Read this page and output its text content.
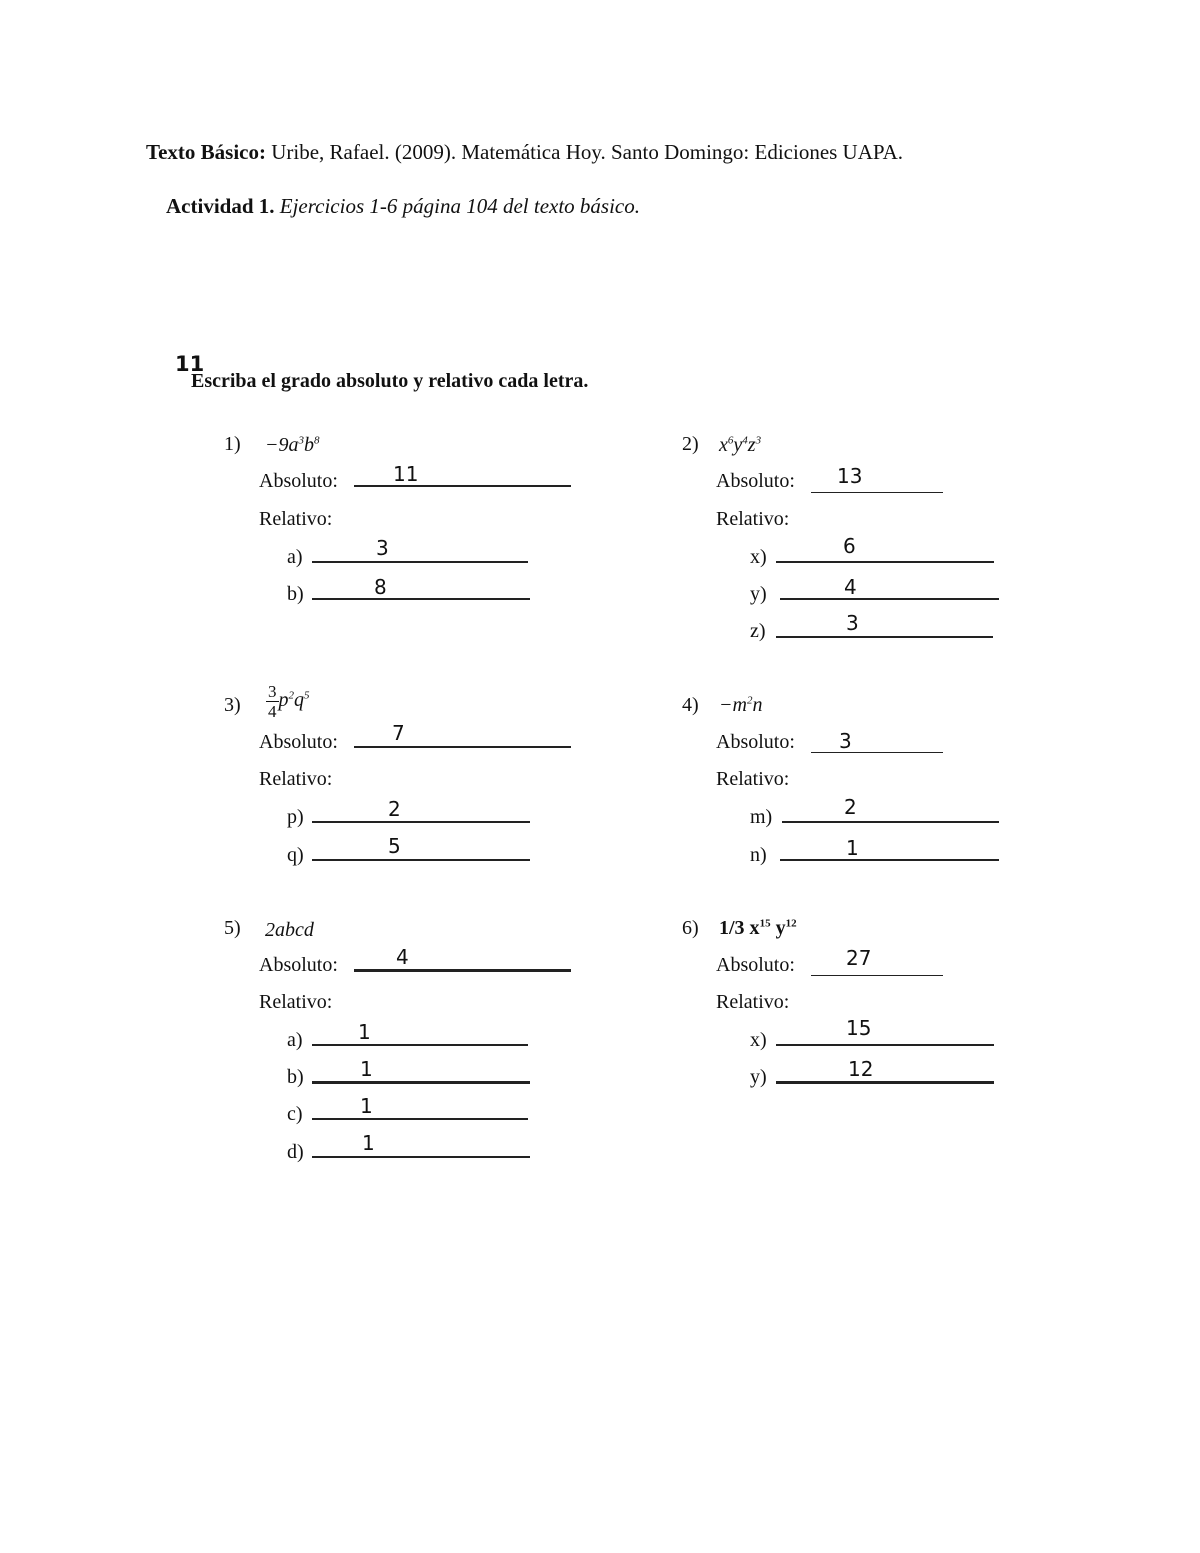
Texto Básico: Uribe, Rafael. (2009). Matemática Hoy. Santo Domingo: Ediciones UAPA.
Actividad 1. Ejercicios 1-6 página 104 del texto básico.
11
Escriba el grado absoluto y relativo cada letra.
$1) -9a^3b^8$
Absoluto:	11
Relativo:
a)	3
b)	8
2) $x^6y^4z^3$
Absoluto: 13
Relativo:
x)	6
y)	4
z)	3
$3) \frac{3}{4} p^2q^5$
Absoluto:	7
Relativo:
p)	2
q)	5
$4) -m^2n$
Absoluto: 3
Relativo:
m)	2
n)	1
5) 2abcd
Absoluto:	4
Relativo:
a)	1
b)	1
c)	1
d)	1
6) 1/3 $x^{15}$ $y^{12}$
Absoluto:	27
Relativo:
x)	15
y)	12
